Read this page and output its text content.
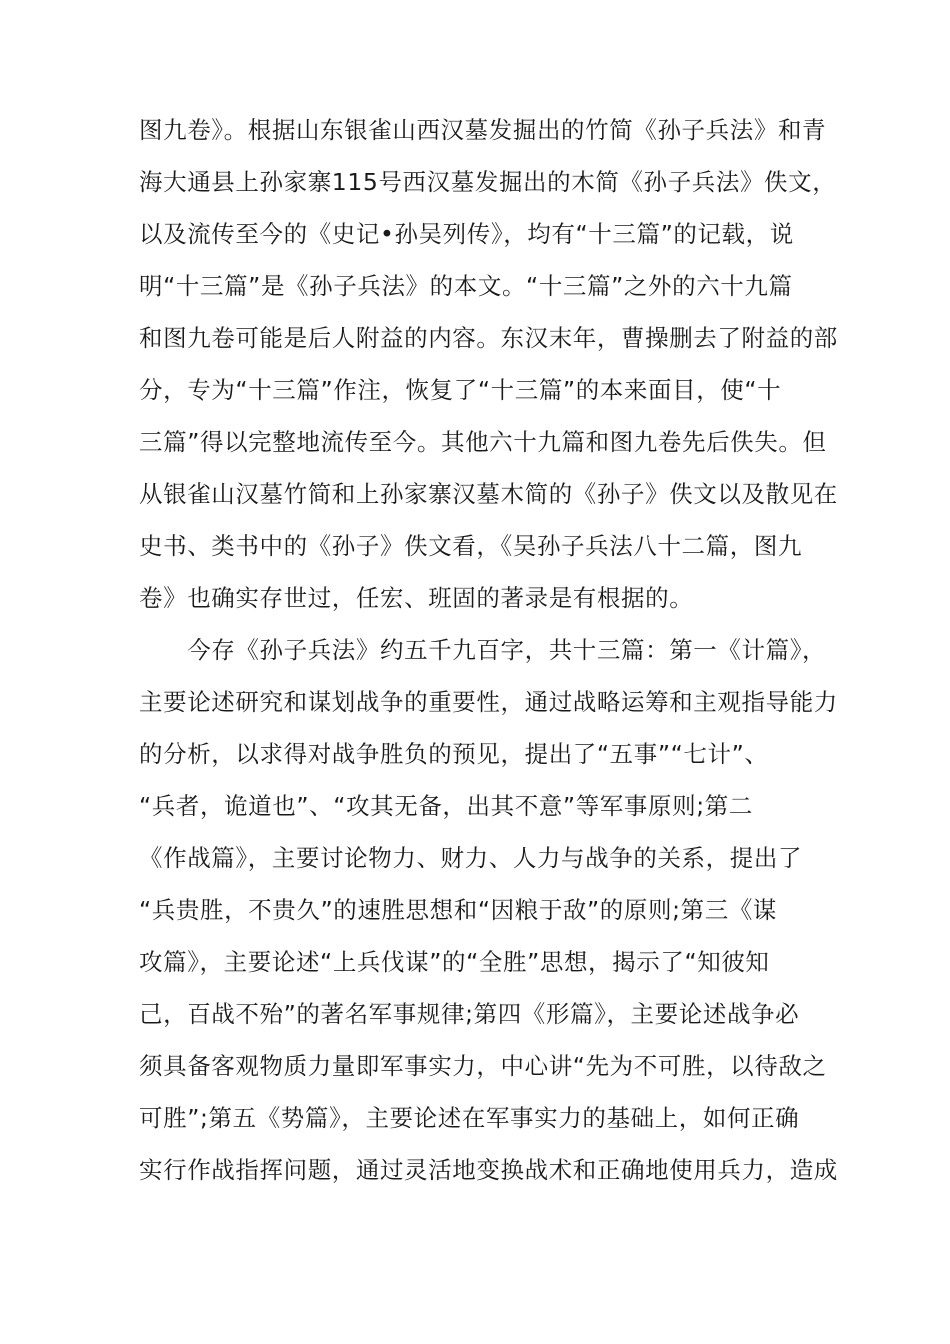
图九卷》。根据山东银雀山西汉墓发掘出的竹简《孙子兵法》和青
海大通县上孙家寨115号西汉墓发掘出的木简《孙子兵法》佚文，
以及流传至今的《史记•孙吴列传》，均有“十三篇”的记载，说
明“十三篇”是《孙子兵法》的本文。“十三篇”之外的六十九篇
和图九卷可能是后人附益的内容。东汉末年，曹操删去了附益的部
分，专为“十三篇”作注，恢复了“十三篇”的本来面目，使“十
三篇”得以完整地流传至今。其他六十九篇和图九卷先后佚失。但
从银雀山汉墓竹简和上孙家寨汉墓木简的《孙子》佚文以及散见在
史书、类书中的《孙子》佚文看，《吴孙子兵法八十二篇，图九
卷》也确实存世过，任宏、班固的著录是有根据的。
　　今存《孙子兵法》约五千九百字，共十三篇：第一《计篇》，
主要论述研究和谋划战争的重要性，通过战略运筹和主观指导能力
的分析，以求得对战争胜负的预见，提出了“五事”“七计”、
“兵者，诡道也”、“攻其无备，出其不意”等军事原则;第二
《作战篇》，主要讨论物力、财力、人力与战争的关系，提出了
“兵贵胜，不贵久”的速胜思想和“因粮于敌”的原则;第三《谋
攻篇》，主要论述“上兵伐谋”的“全胜”思想，揭示了“知彼知
己，百战不殆”的著名军事规律;第四《形篇》，主要论述战争必
须具备客观物质力量即军事实力，中心讲“先为不可胜，以待敌之
可胜”;第五《势篇》，主要论述在军事实力的基础上，如何正确
实行作战指挥问题，通过灵活地变换战术和正确地使用兵力，造成
